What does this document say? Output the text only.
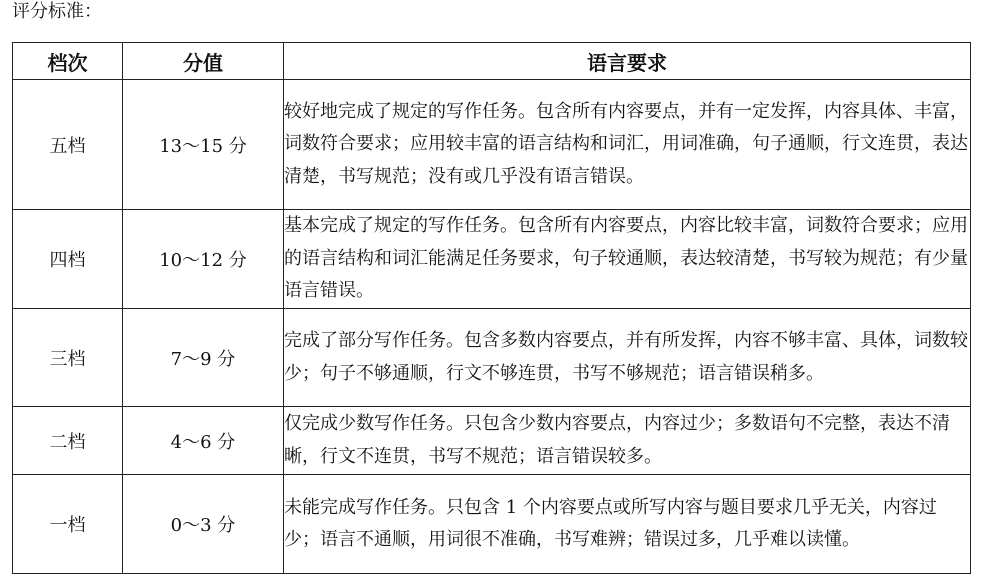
评分标准：
档次	分值	语言要求
五档	13～15 分	较好地完成了规定的写作任务。包含所有内容要点，并有一定发挥，内容具体、丰富，词数符合要求；应用较丰富的语言结构和词汇，用词准确，句子通顺，行文连贯，表达清楚，书写规范；没有或几乎没有语言错误。
四档	10～12 分	基本完成了规定的写作任务。包含所有内容要点，内容比较丰富，词数符合要求；应用的语言结构和词汇能满足任务要求，句子较通顺，表达较清楚，书写较为规范；有少量语言错误。
三档	7～9 分	完成了部分写作任务。包含多数内容要点，并有所发挥，内容不够丰富、具体，词数较少；句子不够通顺，行文不够连贯，书写不够规范；语言错误稍多。
二档	4～6 分	仅完成少数写作任务。只包含少数内容要点，内容过少；多数语句不完整，表达不清晰，行文不连贯，书写不规范；语言错误较多。
一档	0～3 分	未能完成写作任务。只包含 1 个内容要点或所写内容与题目要求几乎无关，内容过少；语言不通顺，用词很不准确，书写难辨；错误过多，几乎难以读懂。
